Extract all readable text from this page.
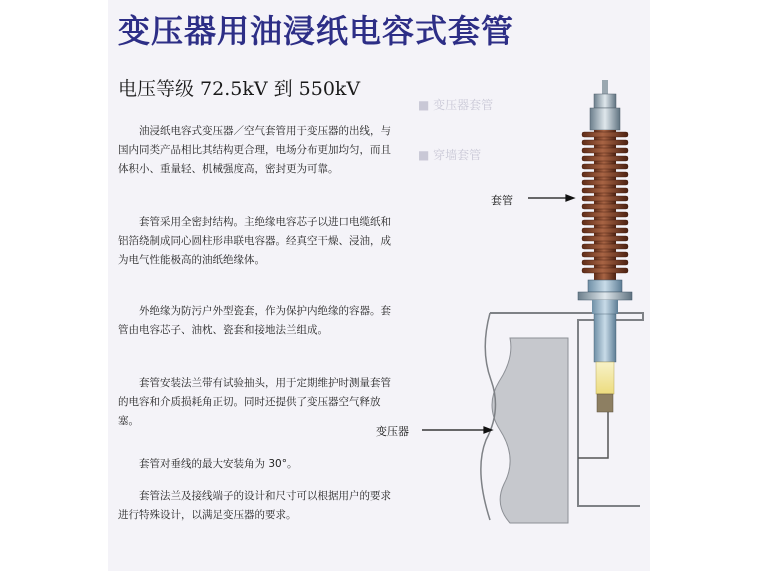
■ 变压器套管
■ 穿墙套管
变压器用油浸纸电容式套管
电压等级 72.5kV 到 550kV

油浸纸电容式变压器／空气套管用于变压器的出线，与国内同类产品相比其结构更合理，电场分布更加均匀，而且体积小、重量轻、机械强度高，密封更为可靠。

套管采用全密封结构。主绝缘电容芯子以进口电缆纸和铝箔绕制成同心圆柱形串联电容器。经真空干燥、浸油，成为电气性能极高的油纸绝缘体。

外绝缘为防污户外型瓷套，作为保护内绝缘的容器。套管由电容芯子、油枕、瓷套和接地法兰组成。

套管安装法兰带有试验抽头，用于定期维护时测量套管的电容和介质损耗角正切。同时还提供了变压器空气释放塞。

套管对垂线的最大安装角为 30°。

套管法兰及接线端子的设计和尺寸可以根据用户的要求进行特殊设计，以满足变压器的要求。

套管
变压器
